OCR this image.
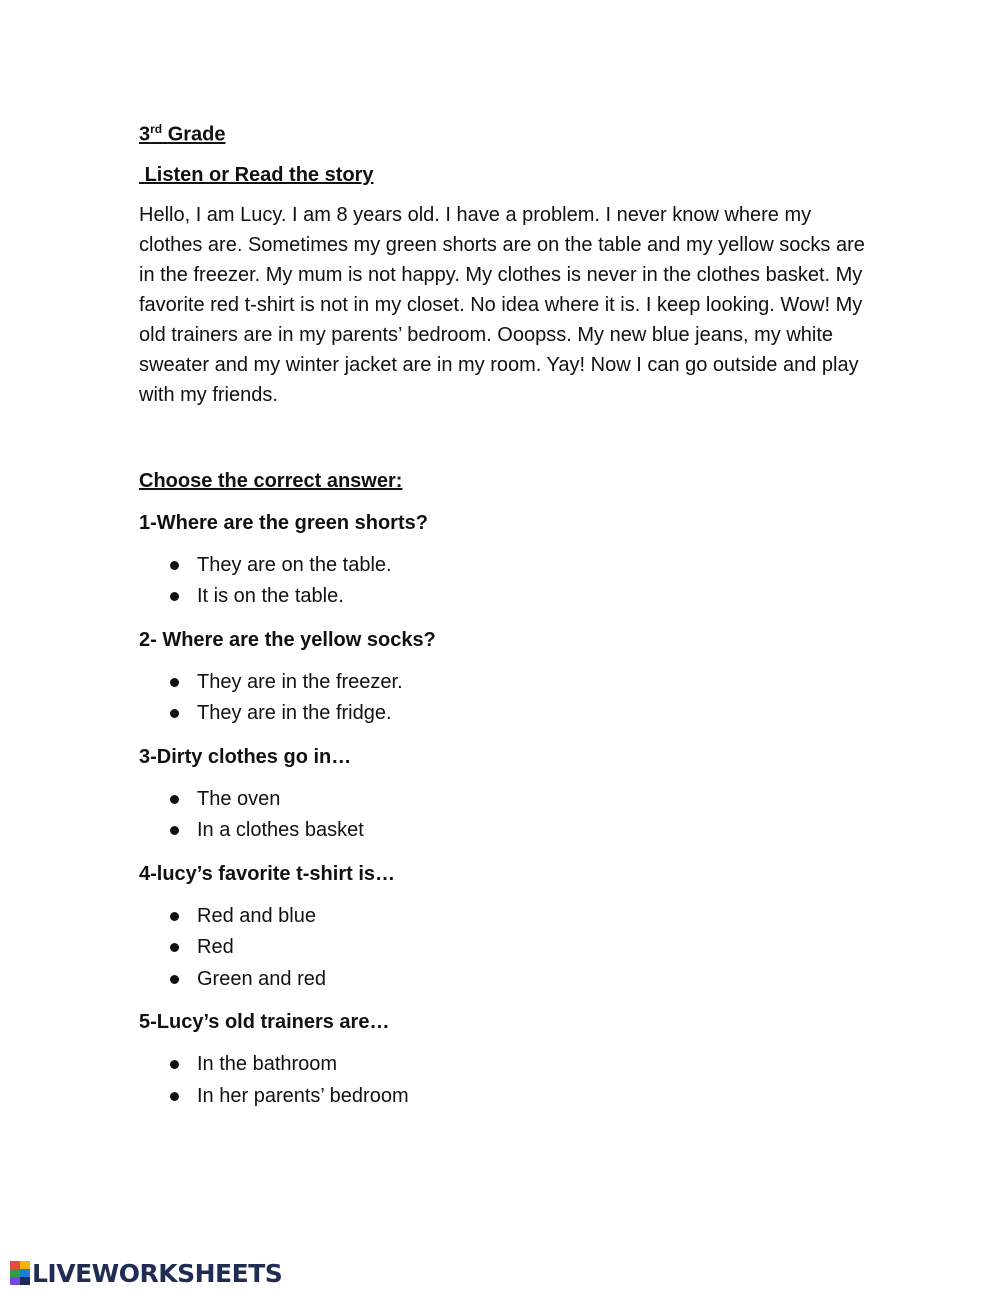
3rd Grade

Listen or Read the story

Hello, I am Lucy. I am 8 years old. I have a problem. I never know where my clothes are. Sometimes my green shorts are on the table and my yellow socks are in the freezer. My mum is not happy. My clothes is never in the clothes basket. My favorite red t-shirt is not in my closet. No idea where it is. I keep looking. Wow! My old trainers are in my parents’ bedroom. Ooopss. My new blue jeans, my white sweater and my winter jacket are in my room. Yay! Now I can go outside and play with my friends.

Choose the correct answer:

1-Where are the green shorts?

They are on the table.
It is on the table.

2- Where are the yellow socks?

They are in the freezer.
They are in the fridge.

3-Dirty clothes go in…

The oven
In a clothes basket

4-lucy’s favorite t-shirt is…

Red and blue
Red
Green and red

5-Lucy’s old trainers are…

In the bathroom
In her parents’ bedroom
LIVEWORKSHEETS
